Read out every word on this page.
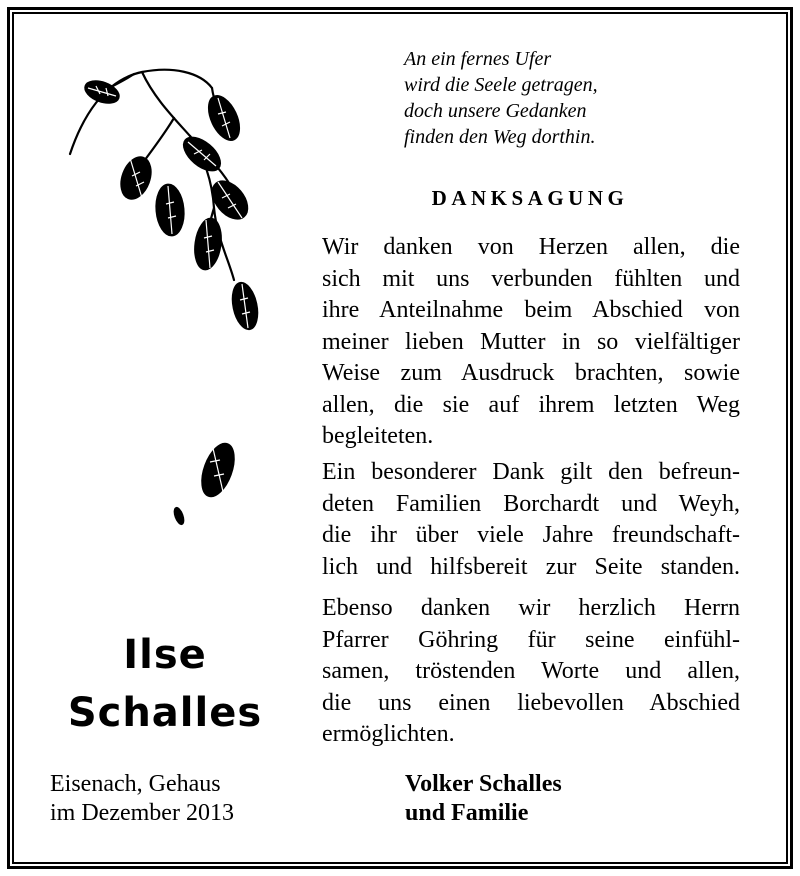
An ein fernes Ufer
wird die Seele getragen,
doch unsere Gedanken
finden den Weg dorthin.
DANKSAGUNG
Wir danken von Herzen allen, die
sich mit uns verbunden fühlten und
ihre Anteilnahme beim Abschied von
meiner lieben Mutter in so vielfältiger
Weise zum Ausdruck brachten, sowie
allen, die sie auf ihrem letzten Weg
begleiteten.
Ein besonderer Dank gilt den befreun-
deten Familien Borchardt und Weyh,
die ihr über viele Jahre freundschaft-
lich und hilfsbereit zur Seite standen.
Ebenso danken wir herzlich Herrn
Pfarrer Göhring für seine einfühl-
samen, tröstenden Worte und allen,
die uns einen liebevollen Abschied
ermöglichten.
Ilse
Schalles
Eisenach, Gehaus
im Dezember 2013
Volker Schalles
und Familie
